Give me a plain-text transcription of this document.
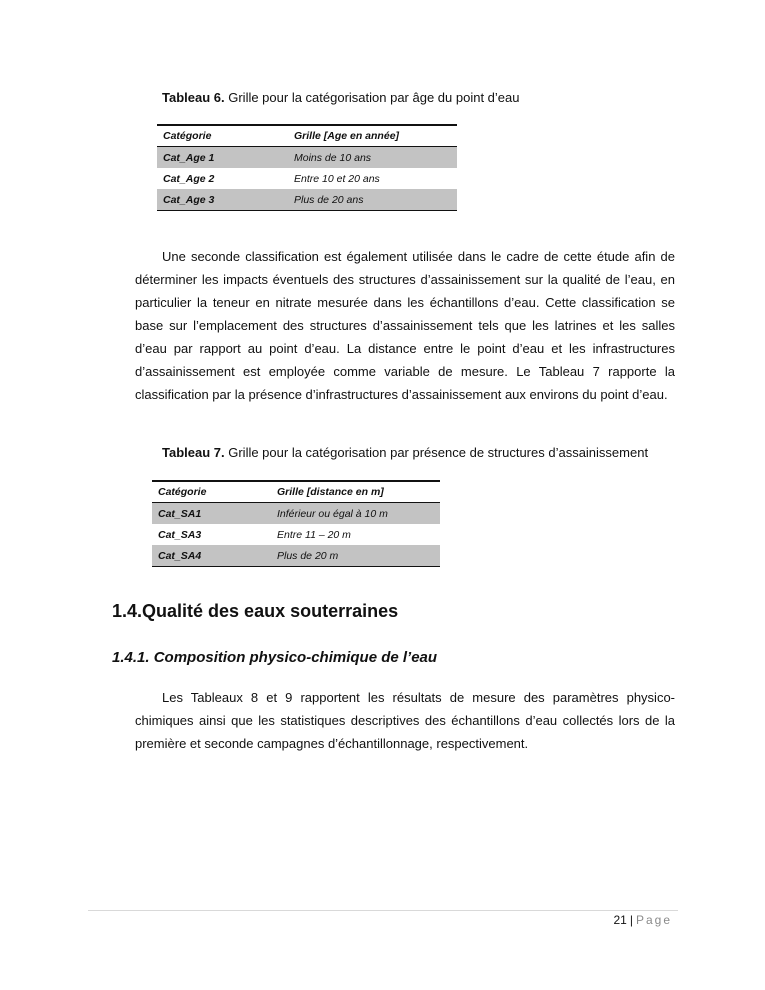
Tableau 6. Grille pour la catégorisation par âge du point d’eau
Catégorie	Grille [Age en année]
Cat_Age 1	Moins de 10 ans
Cat_Age 2	Entre 10 et 20 ans
Cat_Age 3	Plus de 20 ans

Une seconde classification est également utilisée dans le cadre de cette étude afin de déterminer les impacts éventuels des structures d’assainissement sur la qualité de l’eau, en particulier la teneur en nitrate mesurée dans les échantillons d’eau. Cette classification se base sur l’emplacement des structures d’assainissement tels que les latrines et les salles d’eau par rapport au point d’eau. La distance entre le point d’eau et les infrastructures d’assainissement est employée comme variable de mesure. Le Tableau 7 rapporte la classification par la présence d’infrastructures d’assainissement aux environs du point d’eau.

Tableau 7. Grille pour la catégorisation par présence de structures d’assainissement
Catégorie	Grille [distance en m]
Cat_SA1	Inférieur ou égal à 10 m
Cat_SA3	Entre 11 – 20 m
Cat_SA4	Plus de 20 m
1.4.Qualité des eaux souterraines
1.4.1. Composition physico-chimique de l’eau

Les Tableaux 8 et 9 rapportent les résultats de mesure des paramètres physico-chimiques ainsi que les statistiques descriptives des échantillons d’eau collectés lors de la première et seconde campagnes d’échantillonnage, respectivement.

21 | Page
